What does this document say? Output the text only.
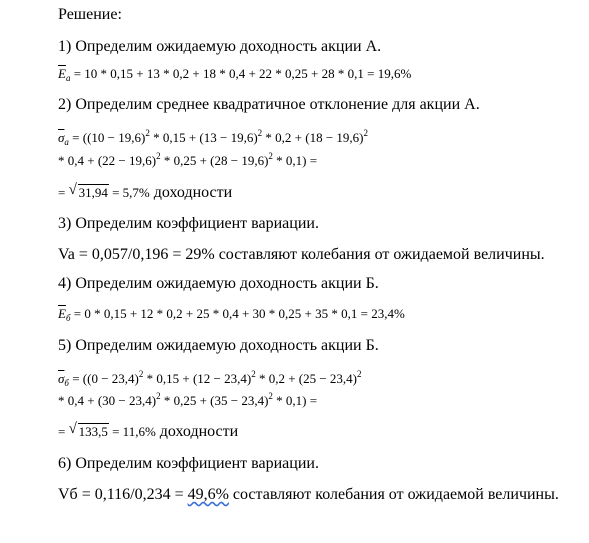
Решение:
1) Определим ожидаемую доходность акции А.
$\overline{E}_а = 10 * 0,15 + 13 * 0,2 + 18 * 0,4 + 22 * 0,25 + 28 * 0,1 = 19,6\%$
2) Определим среднее квадратичное отклонение для акции А.
$\overline{\sigma}_а = ((10 - 19,6)^2 * 0,15 + (13 - 19,6)^2 * 0,2 + (18 - 19,6)^2$
* $0,4 + (22 - 19,6)^2 * 0,25 + (28 - 19,6)^2 * 0,1$) =
= √ 31,94 = 5,7% доходности
3) Определим коэффициент вариации.
Va = 0,057/0,196 = 29% составляют колебания от ожидаемой величины.
4) Определим ожидаемую доходность акции Б.
$\overline{E}_б = 0 * 0,15 + 12 * 0,2 + 25 * 0,4 + 30 * 0,25 + 35 * 0,1 = 23,4\%$
5) Определим ожидаемую доходность акции Б.
$\overline{\sigma}_б = ((0 - 23,4)^2 * 0,15 + (12 - 23,4)^2 * 0,2 + (25 - 23,4)^2$
* $0,4 + (30 - 23,4)^2 * 0,25 + (35 - 23,4)^2 * 0,1$) =
= √ 133,5 = 11,6% доходности
6) Определим коэффициент вариации.
Vб = 0,116/0,234 = 49,6% составляют колебания от ожидаемой величины.
